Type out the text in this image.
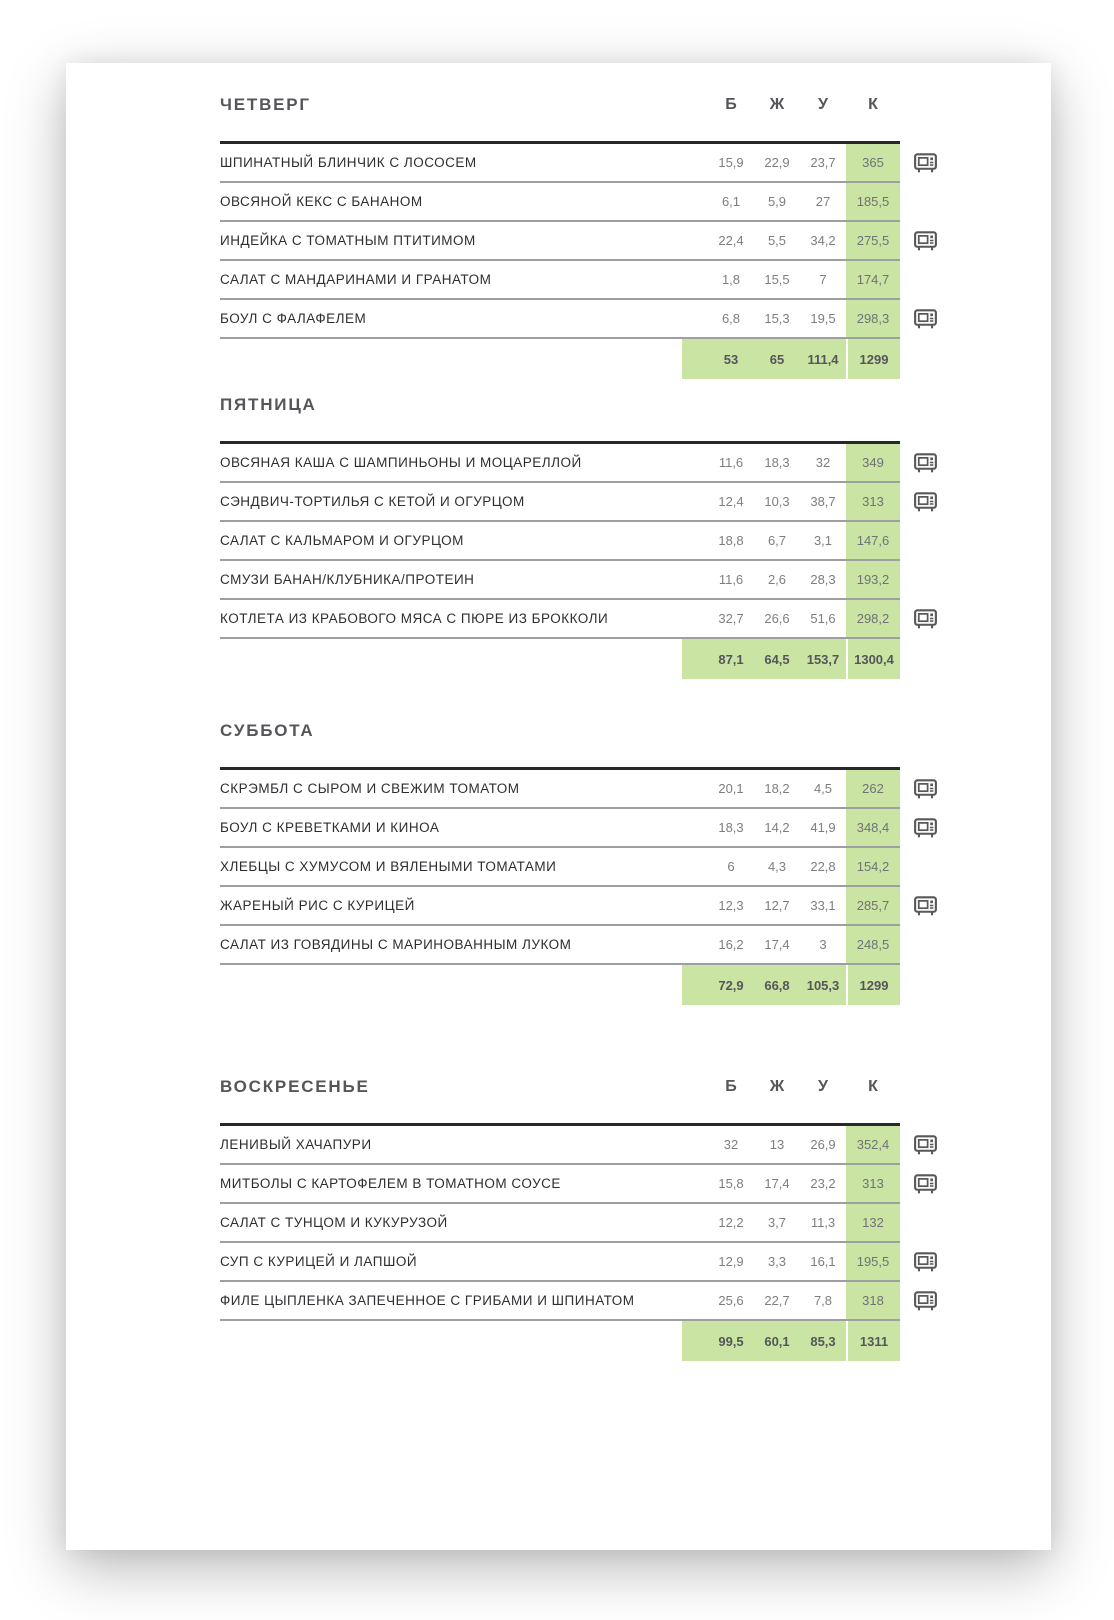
ЧЕТВЕРГ	Б	Ж	У	К
ШПИНАТНЫЙ БЛИНЧИК С ЛОСОСЕМ	15,9	22,9	23,7	365
ОВСЯНОЙ КЕКС С БАНАНОМ	6,1	5,9	27	185,5
ИНДЕЙКА С ТОМАТНЫМ ПТИТИМОМ	22,4	5,5	34,2	275,5
САЛАТ С МАНДАРИНАМИ И ГРАНАТОМ	1,8	15,5	7	174,7
БОУЛ С ФАЛАФЕЛЕМ	6,8	15,3	19,5	298,3
53	65	111,4	1299
ПЯТНИЦА
ОВСЯНАЯ КАША С ШАМПИНЬОНЫ И МОЦАРЕЛЛОЙ	11,6	18,3	32	349
СЭНДВИЧ-ТОРТИЛЬЯ С КЕТОЙ И ОГУРЦОМ	12,4	10,3	38,7	313
САЛАТ С КАЛЬМАРОМ И ОГУРЦОМ	18,8	6,7	3,1	147,6
СМУЗИ БАНАН/КЛУБНИКА/ПРОТЕИН	11,6	2,6	28,3	193,2
КОТЛЕТА ИЗ КРАБОВОГО МЯСА С ПЮРЕ ИЗ БРОККОЛИ	32,7	26,6	51,6	298,2
87,1	64,5	153,7	1300,4
СУББОТА
СКРЭМБЛ С СЫРОМ И СВЕЖИМ ТОМАТОМ	20,1	18,2	4,5	262
БОУЛ С КРЕВЕТКАМИ И КИНОА	18,3	14,2	41,9	348,4
ХЛЕБЦЫ С ХУМУСОМ И ВЯЛЕНЫМИ ТОМАТАМИ	6	4,3	22,8	154,2
ЖАРЕНЫЙ РИС С КУРИЦЕЙ	12,3	12,7	33,1	285,7
САЛАТ ИЗ ГОВЯДИНЫ С МАРИНОВАННЫМ ЛУКОМ	16,2	17,4	3	248,5
72,9	66,8	105,3	1299
ВОСКРЕСЕНЬЕ	Б	Ж	У	К
ЛЕНИВЫЙ ХАЧАПУРИ	32	13	26,9	352,4
МИТБОЛЫ С КАРТОФЕЛЕМ В ТОМАТНОМ СОУСЕ	15,8	17,4	23,2	313
САЛАТ С ТУНЦОМ И КУКУРУЗОЙ	12,2	3,7	11,3	132
СУП С КУРИЦЕЙ И ЛАПШОЙ	12,9	3,3	16,1	195,5
ФИЛЕ ЦЫПЛЕНКА ЗАПЕЧЕННОЕ С ГРИБАМИ И ШПИНАТОМ	25,6	22,7	7,8	318
99,5	60,1	85,3	1311
